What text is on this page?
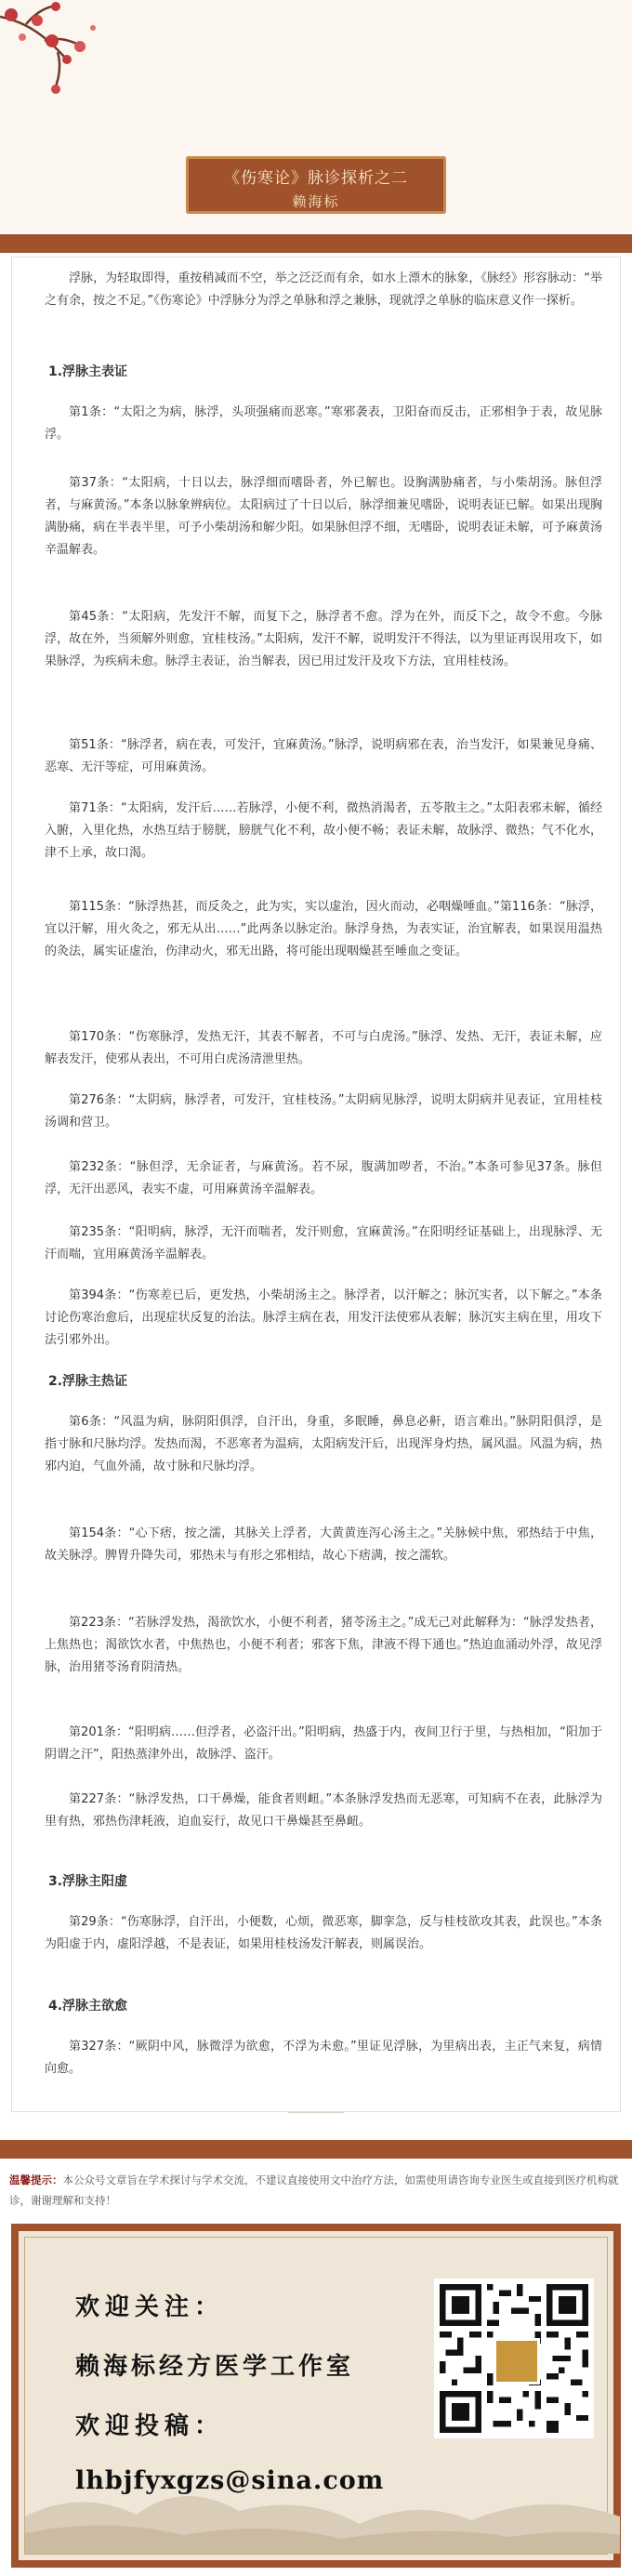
《伤寒论》脉诊探析之二
赖海标

浮脉，为轻取即得，重按稍减而不空，举之泛泛而有余，如水上漂木的脉象，《脉经》形容脉动：“举之有余，按之不足。”《伤寒论》中浮脉分为浮之单脉和浮之兼脉，现就浮之单脉的临床意义作一探析。

1.浮脉主表证

第1条：“太阳之为病，脉浮，头项强痛而恶寒。”寒邪袭表，卫阳奋而反击，正邪相争于表，故见脉浮。

第37条：“太阳病，十日以去，脉浮细而嗜卧者，外已解也。设胸满胁痛者，与小柴胡汤。脉但浮者，与麻黄汤。”本条以脉象辨病位。太阳病过了十日以后，脉浮细兼见嗜卧，说明表证已解。如果出现胸满胁痛，病在半表半里，可予小柴胡汤和解少阳。如果脉但浮不细，无嗜卧，说明表证未解，可予麻黄汤辛温解表。

第45条：“太阳病，先发汗不解，而复下之，脉浮者不愈。浮为在外，而反下之，故令不愈。今脉浮，故在外，当须解外则愈，宜桂枝汤。”太阳病，发汗不解，说明发汗不得法，以为里证再误用攻下，如果脉浮，为疾病未愈。脉浮主表证，治当解表，因已用过发汗及攻下方法，宜用桂枝汤。

第51条：“脉浮者，病在表，可发汗，宜麻黄汤。”脉浮，说明病邪在表，治当发汗，如果兼见身痛、恶寒、无汗等症，可用麻黄汤。

第71条：“太阳病，发汗后……若脉浮，小便不利，微热消渴者，五苓散主之。”太阳表邪未解，循经入腑，入里化热，水热互结于膀胱，膀胱气化不利，故小便不畅；表证未解，故脉浮、微热；气不化水，津不上承，故口渴。

第115条：“脉浮热甚，而反灸之，此为实，实以虚治，因火而动，必咽燥唾血。”第116条：“脉浮，宜以汗解，用火灸之，邪无从出……”此两条以脉定治。脉浮身热，为表实证，治宜解表，如果误用温热的灸法，属实证虚治，伤津动火，邪无出路，将可能出现咽燥甚至唾血之变证。

第170条：“伤寒脉浮，发热无汗，其表不解者，不可与白虎汤。”脉浮、发热、无汗，表证未解，应解表发汗，使邪从表出，不可用白虎汤清泄里热。

第276条：“太阴病，脉浮者，可发汗，宜桂枝汤。”太阴病见脉浮，说明太阴病并见表证，宜用桂枝汤调和营卫。

第232条：“脉但浮，无余证者，与麻黄汤。若不尿，腹满加哕者，不治。”本条可参见37条。脉但浮，无汗出恶风，表实不虚，可用麻黄汤辛温解表。

第235条：“阳明病，脉浮，无汗而喘者，发汗则愈，宜麻黄汤。”在阳明经证基础上，出现脉浮、无汗而喘，宜用麻黄汤辛温解表。

第394条：“伤寒差已后，更发热，小柴胡汤主之。脉浮者，以汗解之；脉沉实者，以下解之。”本条讨论伤寒治愈后，出现症状反复的治法。脉浮主病在表，用发汗法使邪从表解；脉沉实主病在里，用攻下法引邪外出。

2.浮脉主热证

第6条：“风温为病，脉阴阳俱浮，自汗出，身重，多眠睡，鼻息必鼾，语言难出。”脉阴阳俱浮，是指寸脉和尺脉均浮。发热而渴，不恶寒者为温病，太阳病发汗后，出现浑身灼热，属风温。风温为病，热邪内迫，气血外涌，故寸脉和尺脉均浮。

第154条：“心下痞，按之濡，其脉关上浮者，大黄黄连泻心汤主之。”关脉候中焦，邪热结于中焦，故关脉浮。脾胃升降失司，邪热未与有形之邪相结，故心下痞满，按之濡软。

第223条：“若脉浮发热，渴欲饮水，小便不利者，猪苓汤主之。”成无己对此解释为：“脉浮发热者，上焦热也；渴欲饮水者，中焦热也，小便不利者；邪客下焦，津液不得下通也。”热迫血涌动外浮，故见浮脉，治用猪苓汤育阴清热。

第201条：“阳明病……但浮者，必盗汗出。”阳明病，热盛于内，夜间卫行于里，与热相加，“阳加于阴谓之汗”，阳热蒸津外出，故脉浮、盗汗。

第227条：“脉浮发热，口干鼻燥，能食者则衄。”本条脉浮发热而无恶寒，可知病不在表，此脉浮为里有热，邪热伤津耗液，迫血妄行，故见口干鼻燥甚至鼻衄。

3.浮脉主阳虚

第29条：“伤寒脉浮，自汗出，小便数，心烦，微恶寒，脚挛急，反与桂枝欲攻其表，此误也。”本条为阳虚于内，虚阳浮越，不是表证，如果用桂枝汤发汗解表，则属误治。

4.浮脉主欲愈

第327条：“厥阴中风，脉微浮为欲愈，不浮为未愈。”里证见浮脉，为里病出表，主正气来复，病情向愈。

温馨提示：本公众号文章旨在学术探讨与学术交流，不建议直接使用文中治疗方法，如需使用请咨询专业医生或直接到医疗机构就诊，谢谢理解和支持！

欢迎关注：

赖海标经方医学工作室

欢迎投稿：

lhbjfyxgzs@sina.com
